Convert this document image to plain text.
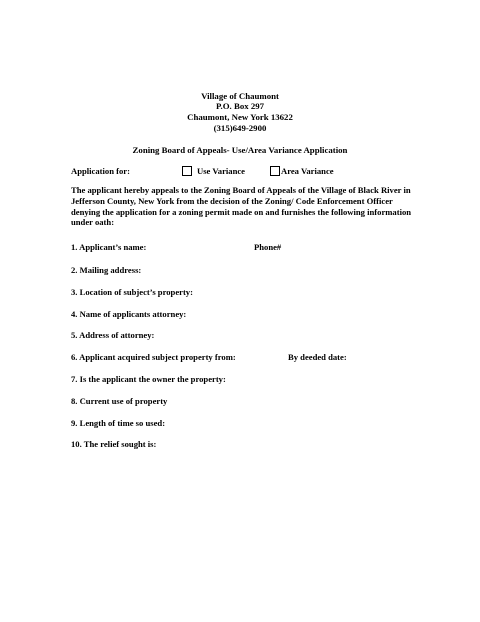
Village of Chaumont
P.O. Box 297
Chaumont, New York 13622
(315)649-2900
Zoning Board of Appeals- Use/Area Variance Application
Application for:	Use Variance	Area Variance
The applicant hereby appeals to the Zoning Board of Appeals of the Village of Black River in Jefferson County, New York from the decision of the Zoning/ Code Enforcement Officer denying the application for a zoning permit made on and furnishes the following information under oath:
1. Applicant’s name:	Phone#
2. Mailing address:
3. Location of subject’s property:
4. Name of applicants attorney:
5. Address of attorney:
6. Applicant acquired subject property from:	By deeded date:
7. Is the applicant the owner the property:
8. Current use of property
9. Length of time so used:
10. The relief sought is:
